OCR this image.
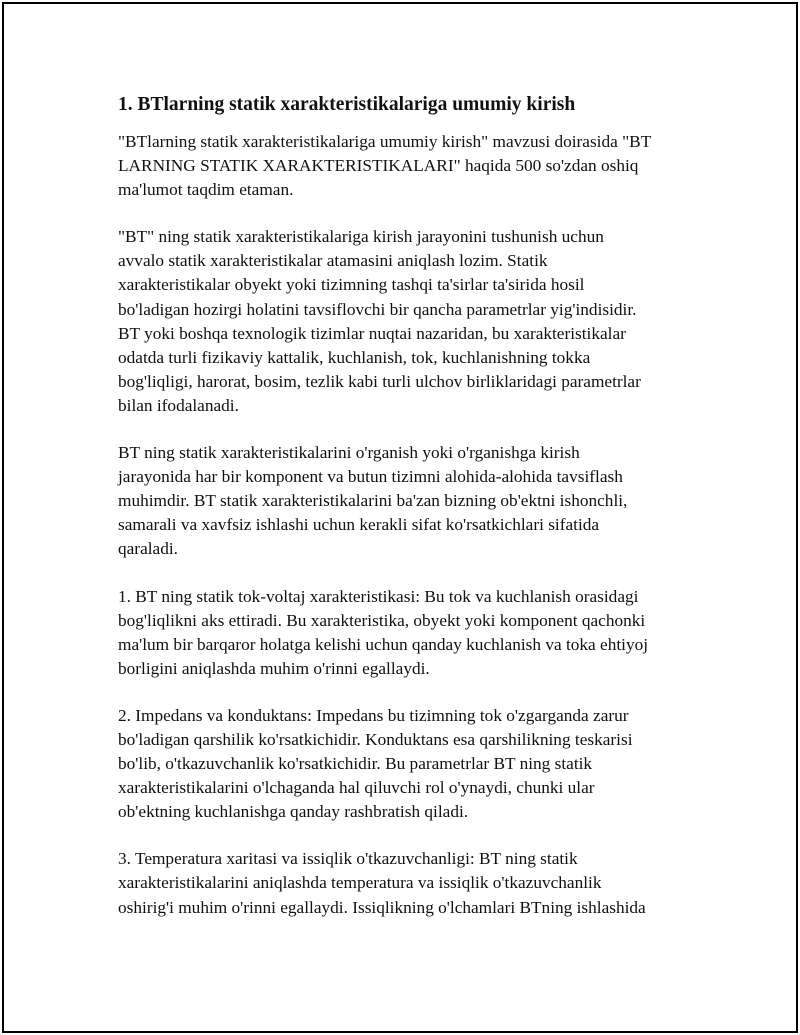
1. BTlarning statik xarakteristikalariga umumiy kirish
"BTlarning statik xarakteristikalariga umumiy kirish" mavzusi doirasida "BT
LARNING STATIK XARAKTERISTIKALARI" haqida 500 so'zdan oshiq
ma'lumot taqdim etaman.
"BT" ning statik xarakteristikalariga kirish jarayonini tushunish uchun
avvalo statik xarakteristikalar atamasini aniqlash lozim. Statik
xarakteristikalar obyekt yoki tizimning tashqi ta'sirlar ta'sirida hosil
bo'ladigan hozirgi holatini tavsiflovchi bir qancha parametrlar yig'indisidir.
BT yoki boshqa texnologik tizimlar nuqtai nazaridan, bu xarakteristikalar
odatda turli fizikaviy kattalik, kuchlanish, tok, kuchlanishning tokka
bog'liqligi, harorat, bosim, tezlik kabi turli ulchov birliklaridagi parametrlar
bilan ifodalanadi.
BT ning statik xarakteristikalarini o'rganish yoki o'rganishga kirish
jarayonida har bir komponent va butun tizimni alohida-alohida tavsiflash
muhimdir. BT statik xarakteristikalarini ba'zan bizning ob'ektni ishonchli,
samarali va xavfsiz ishlashi uchun kerakli sifat ko'rsatkichlari sifatida
qaraladi.
1. BT ning statik tok-voltaj xarakteristikasi: Bu tok va kuchlanish orasidagi
bog'liqlikni aks ettiradi. Bu xarakteristika, obyekt yoki komponent qachonki
ma'lum bir barqaror holatga kelishi uchun qanday kuchlanish va toka ehtiyoj
borligini aniqlashda muhim o'rinni egallaydi.
2. Impedans va konduktans: Impedans bu tizimning tok o'zgarganda zarur
bo'ladigan qarshilik ko'rsatkichidir. Konduktans esa qarshilikning teskarisi
bo'lib, o'tkazuvchanlik ko'rsatkichidir. Bu parametrlar BT ning statik
xarakteristikalarini o'lchaganda hal qiluvchi rol o'ynaydi, chunki ular
ob'ektning kuchlanishga qanday rashbratish qiladi.
3. Temperatura xaritasi va issiqlik o'tkazuvchanligi: BT ning statik
xarakteristikalarini aniqlashda temperatura va issiqlik o'tkazuvchanlik
oshirig'i muhim o'rinni egallaydi. Issiqlikning o'lchamlari BTning ishlashida
